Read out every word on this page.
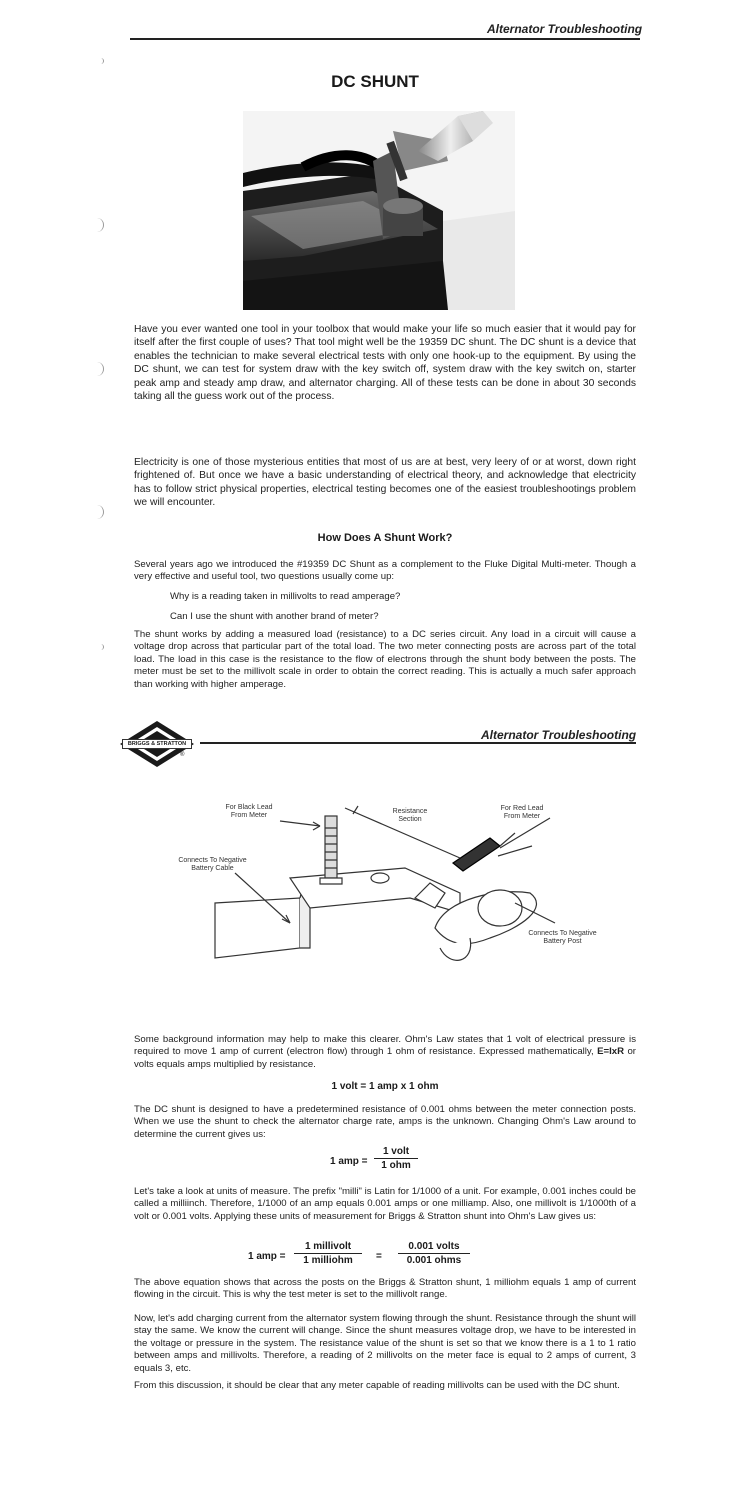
Alternator Troubleshooting
DC SHUNT
Have you ever wanted one tool in your toolbox that would make your life so much easier that it would pay for itself after the first couple of uses? That tool might well be the 19359 DC shunt. The DC shunt is a device that enables the technician to make several electrical tests with only one hook-up to the equipment. By using the DC shunt, we can test for system draw with the key switch off, system draw with the key switch on, starter peak amp and steady amp draw, and alternator charging. All of these tests can be done in about 30 seconds taking all the guess work out of the process.
Electricity is one of those mysterious entities that most of us are at best, very leery of or at worst, down right frightened of. But once we have a basic understanding of electrical theory, and acknowledge that electricity has to follow strict physical properties, electrical testing becomes one of the easiest troubleshootings problem we will encounter.
How Does A Shunt Work?
Several years ago we introduced the #19359 DC Shunt as a complement to the Fluke Digital Multi-meter. Though a very effective and useful tool, two questions usually come up:
Why is a reading taken in millivolts to read amperage?
Can I use the shunt with another brand of meter?
The shunt works by adding a measured load (resistance) to a DC series circuit. Any load in a circuit will cause a voltage drop across that particular part of the total load. The two meter connecting posts are across part of the total load. The load in this case is the resistance to the flow of electrons through the shunt body between the posts. The meter must be set to the millivolt scale in order to obtain the correct reading. This is actually a much safer approach than working with higher amperage.
BRIGGS & STRATTON
®
Alternator Troubleshooting
For Black Lead
From Meter
Resistance
Section
For Red Lead
From Meter
Connects To Negative
Battery Cable
Connects To Negative
Battery Post
Some background information may help to make this clearer. Ohm's Law states that 1 volt of electrical pressure is required to move 1 amp of current (electron flow) through 1 ohm of resistance. Expressed mathematically, E=IxR or volts equals amps multiplied by resistance.
1 volt = 1 amp x 1 ohm
The DC shunt is designed to have a predetermined resistance of 0.001 ohms between the meter connection posts. When we use the shunt to check the alternator charge rate, amps is the unknown. Changing Ohm's Law around to determine the current gives us:
1 amp =
1 volt
1 ohm
Let's take a look at units of measure. The prefix "milli" is Latin for 1/1000 of a unit. For example, 0.001 inches could be called a milliinch. Therefore, 1/1000 of an amp equals 0.001 amps or one milliamp. Also, one millivolt is 1/1000th of a volt or 0.001 volts. Applying these units of measurement for Briggs & Stratton shunt into Ohm's Law gives us:
1 amp =
1 millivolt
1 milliohm	=
0.001 volts
0.001 ohms
The above equation shows that across the posts on the Briggs & Stratton shunt, 1 milliohm equals 1 amp of current flowing in the circuit. This is why the test meter is set to the millivolt range.
Now, let's add charging current from the alternator system flowing through the shunt. Resistance through the shunt will stay the same. We know the current will change. Since the shunt measures voltage drop, we have to be interested in the voltage or pressure in the system. The resistance value of the shunt is set so that we know there is a 1 to 1 ratio between amps and millivolts. Therefore, a reading of 2 millivolts on the meter face is equal to 2 amps of current, 3 equals 3, etc.
From this discussion, it should be clear that any meter capable of reading millivolts can be used with the DC shunt.
